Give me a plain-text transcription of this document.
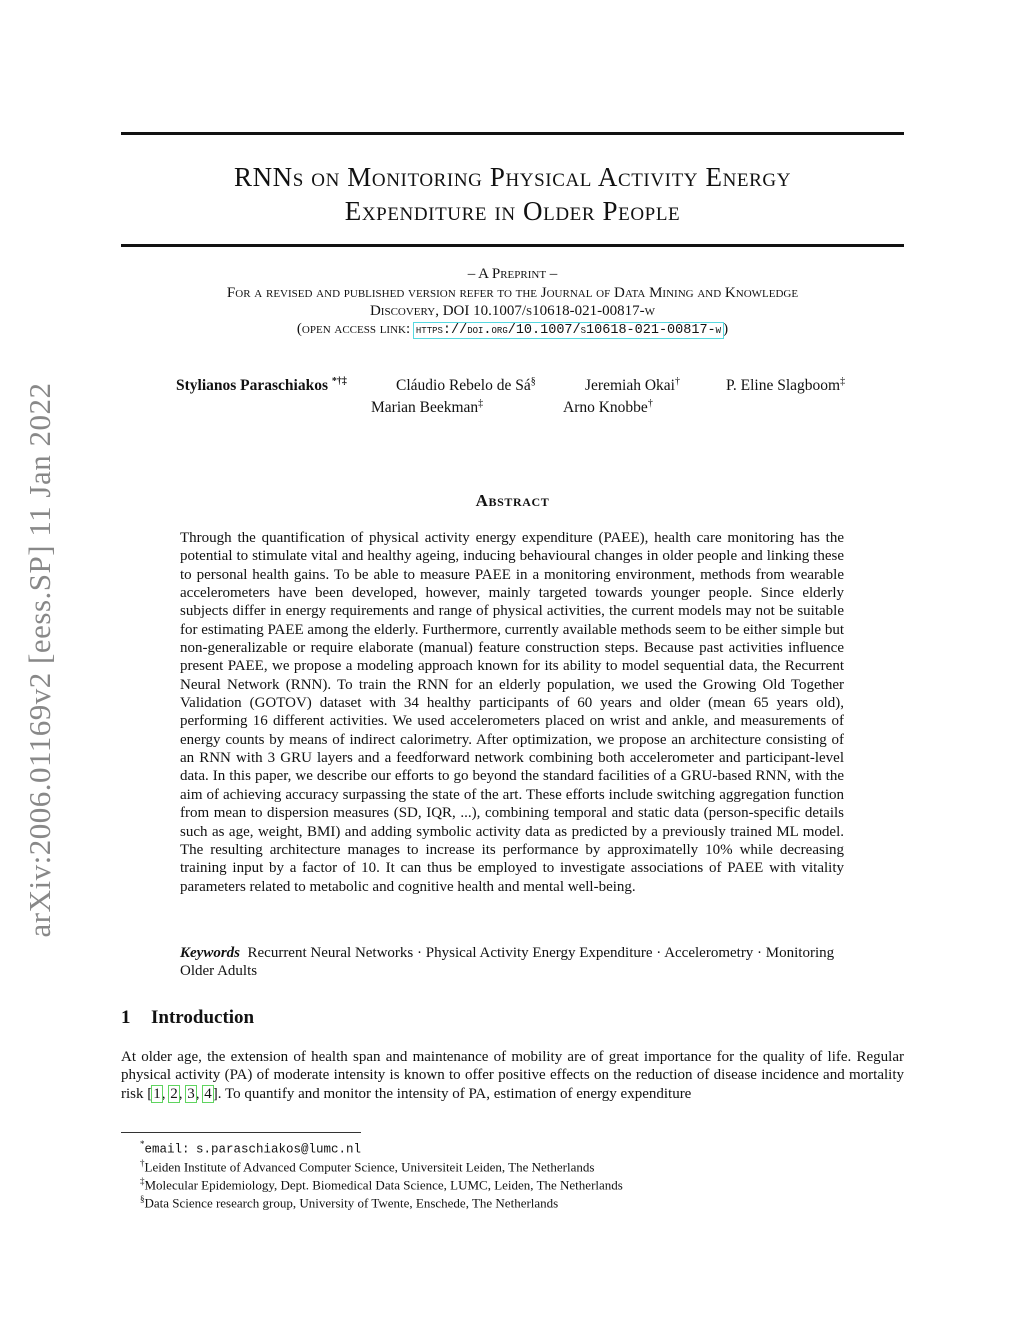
arXiv:2006.01169v2 [eess.SP] 11 Jan 2022
RNNs on Monitoring Physical Activity Energy
Expenditure in Older People
– A Preprint –
For a revised and published version refer to the Journal of Data Mining and Knowledge
Discovery, DOI 10.1007/s10618-021-00817-w
(open access link: https://doi.org/10.1007/s10618-021-00817-w )
Stylianos Paraschiakos *†‡	Cláudio Rebelo de Sá§	Jeremiah Okai†	P. Eline Slagboom‡
Marian Beekman‡	Arno Knobbe†
Abstract
Through the quantification of physical activity energy expenditure (PAEE), health care monitoring has the potential to stimulate vital and healthy ageing, inducing behavioural changes in older people and linking these to personal health gains. To be able to measure PAEE in a monitoring environment, methods from wearable accelerometers have been developed, however, mainly targeted towards younger people. Since elderly subjects differ in energy requirements and range of physical activities, the current models may not be suitable for estimating PAEE among the elderly. Furthermore, currently available methods seem to be either simple but non-generalizable or require elaborate (manual) feature construction steps. Because past activities influence present PAEE, we propose a modeling approach known for its ability to model sequential data, the Recurrent Neural Network (RNN). To train the RNN for an elderly population, we used the Growing Old Together Validation (GOTOV) dataset with 34 healthy participants of 60 years and older (mean 65 years old), performing 16 different activities. We used accelerometers placed on wrist and ankle, and measurements of energy counts by means of indirect calorimetry. After optimization, we propose an architecture consisting of an RNN with 3 GRU layers and a feedforward network combining both accelerometer and participant-level data. In this paper, we describe our efforts to go beyond the standard facilities of a GRU-based RNN, with the aim of achieving accuracy surpassing the state of the art. These efforts include switching aggregation function from mean to dispersion measures (SD, IQR, ...), combining temporal and static data (person-specific details such as age, weight, BMI) and adding symbolic activity data as predicted by a previously trained ML model. The resulting architecture manages to increase its performance by approximatelly 10% while decreasing training input by a factor of 10. It can thus be employed to investigate associations of PAEE with vitality parameters related to metabolic and cognitive health and mental well-being.
Keywords Recurrent Neural Networks · Physical Activity Energy Expenditure · Accelerometry · Monitoring Older Adults
1 Introduction
At older age, the extension of health span and maintenance of mobility are of great importance for the quality of life. Regular physical activity (PA) of moderate intensity is known to offer positive effects on the reduction of disease incidence and mortality risk [1, 2, 3, 4]. To quantify and monitor the intensity of PA, estimation of energy expenditure
*email: s.paraschiakos@lumc.nl
†Leiden Institute of Advanced Computer Science, Universiteit Leiden, The Netherlands
‡Molecular Epidemiology, Dept. Biomedical Data Science, LUMC, Leiden, The Netherlands
§Data Science research group, University of Twente, Enschede, The Netherlands
